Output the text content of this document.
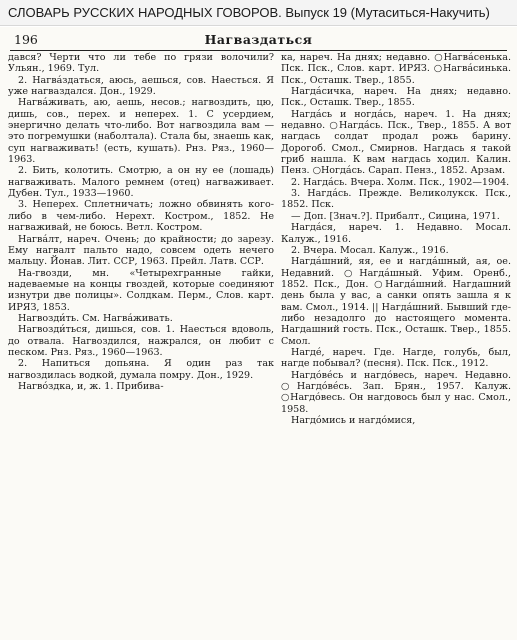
СЛОВАРЬ РУССКИХ НАРОДНЫХ ГОВОРОВ. Выпуск 19 (Мутаситься-Накучить)
196	Нагваздаться

дався? Черти что ли тебе по грязи волочили? Ульян., 1969. Тул.

2. Нагва́здаться, аюсь, аешься, сов. Наесться. Я уже нагваздался. Дон., 1929.

Нагва́живать, аю, аешь, несов.; нагвоздить, цю, дишь, сов., перех. и неперех. 1. С усердием, энергично делать что-либо. Вот нагвоздила вам — это погремушки (наболтала). Стала бы, знаешь как, суп нагваживать! (есть, кушать). Рнз. Ряз., 1960—1963.

2. Бить, колотить. Смотрю, а он ну ее (лошадь) нагваживать. Малого ремнем (отец) нагваживает. Дубен. Тул., 1933—1960.

3. Неперех. Сплетничать; ложно обвинять кого-либо в чем-либо. Нерехт. Костром., 1852. Не нагваживай, не боюсь. Ветл. Костром.

Нагва́лт, нареч. Очень; до крайности; до зарезу. Ему нагвалт пальто надо, совсем одеть нечего мальцу. Йонав. Лит. ССР, 1963. Прейл. Латв. ССР.

На-гвозди, мн. «Четырехгранные гайки, надеваемые на концы гвоздей, которые соединяют изнутри две полицы». Солдкам. Перм., Слов. карт. ИРЯЗ, 1853.

Нагвозди́ть. См. Нагва́живать.

Нагвозди́ться, дишься, сов. 1. Наесться вдоволь, до отвала. Нагвоздился, нажрался, он любит с песком. Рнз. Ряз., 1960—1963.

2. Напиться допьяна. Я один раз так нагвоздилась водкой, думала помру. Дон., 1929.

Нагво́здка, и, ж. 1. Прибива-

ка, нареч. На днях; недавно. ○Нагва́сенька. Пск. Пск., Слов. карт. ИРЯЗ. ○Нагва́синька. Пск., Осташк. Твер., 1855.

Нагда́сичка, нареч. На днях; недавно. Пск., Осташк. Твер., 1855.

Нагда́сь и ногда́сь, нареч. 1. На днях; недавно. ○Нагда́сь. Пск., Твер., 1855. А вот нагдась солдат продал рожь барину. Дорогоб. Смол., Смирнов. Нагдась я такой гриб нашла. К вам нагдась ходил. Калин. Пенз. ○Ногда́сь. Сарап. Пенз., 1852. Арзам.

2. Нагда́сь. Вчера. Холм. Пск., 1902—1904.

3. Нагда́сь. Прежде. Великолукск. Пск., 1852. Пск.

— Доп. [Знач.?]. Прибалт., Сицина, 1971.

Нагда́ся, нареч. 1. Недавно. Мосал. Калуж., 1916.

2. Вчера. Мосал. Калуж., 1916.

Нагда́шний, яя, ее и нагда́шный, ая, ое. Недавний. ○Нагда́шный. Уфим. Оренб., 1852. Пск., Дон. ○Нагда́шний. Нагдашний день была у вас, а санки опять зашла я к вам. Смол., 1914. || Нагда́шний. Бывший где-либо незадолго до настоящего момента. Нагдашний гость. Пск., Осташк. Твер., 1855. Смол.

Нагде́, нареч. Где. Нагде, голубь, был, нагде побывал? (песня). Пск. Пск., 1912.

Нагдо́ве́сь и нагдо́весь, нареч. Недавно. ○Нагдо́ве́сь. Зап. Брян., 1957. Калуж. ○Нагдо́весь. Он нагдовось был у нас. Смол., 1958.

Нагдо́мись и нагдо́мися,
